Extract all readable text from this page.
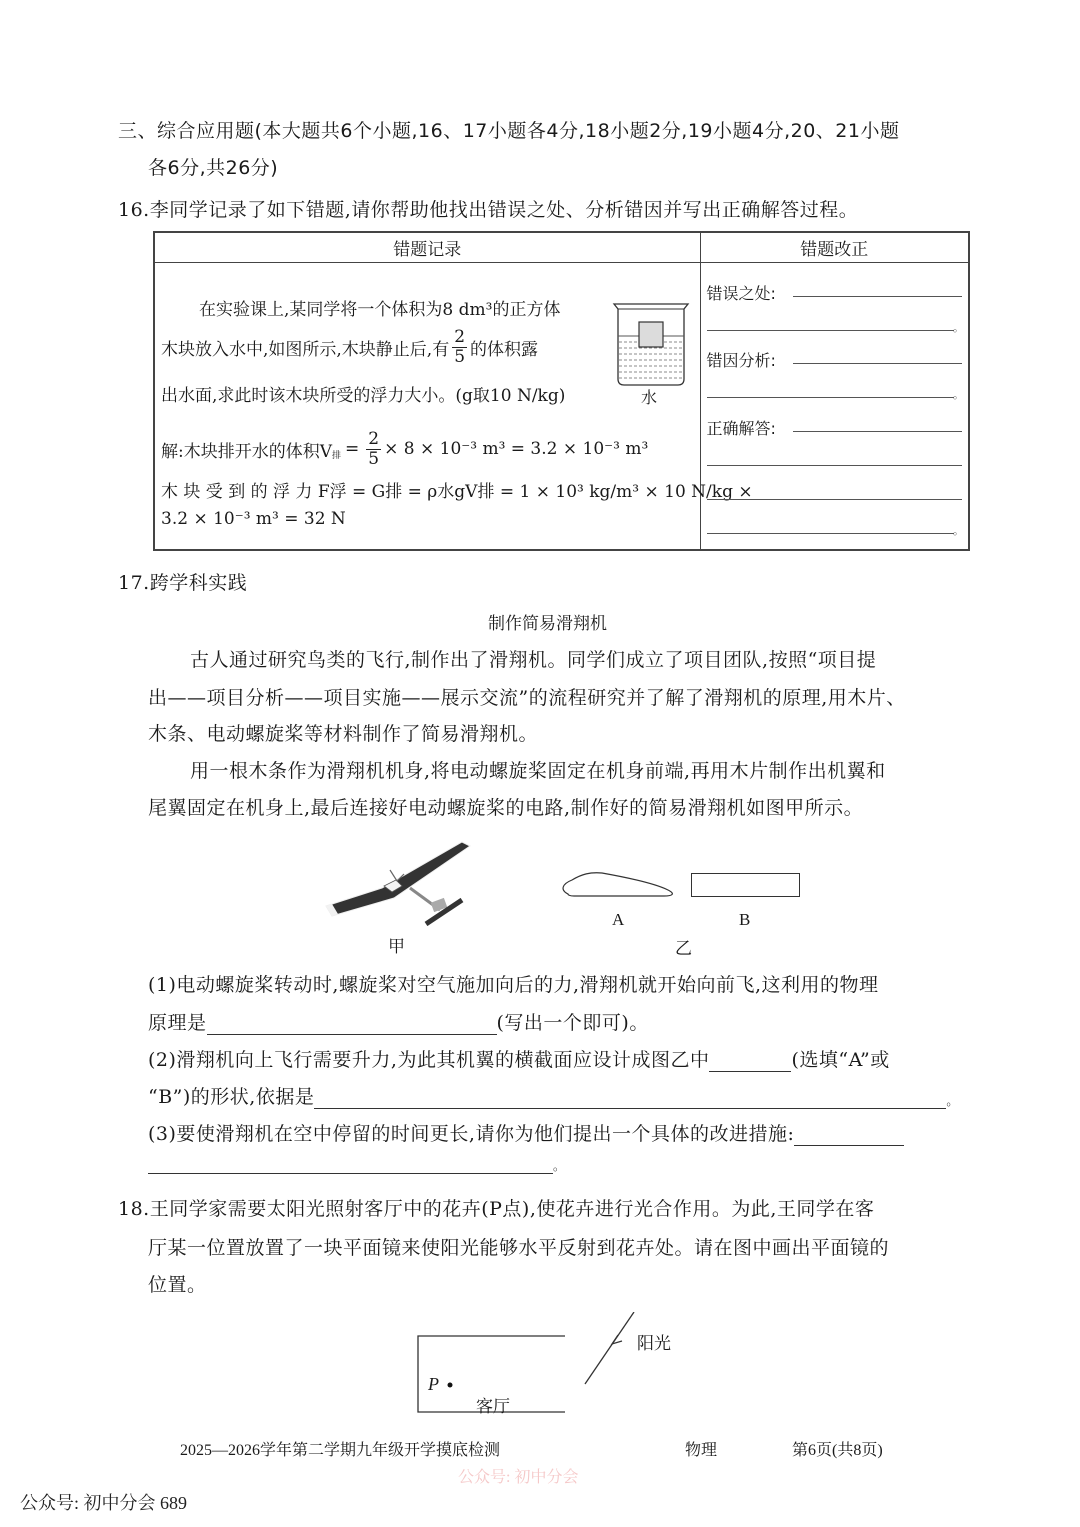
三、综合应用题(本大题共6个小题,16、17小题各4分,18小题2分,19小题4分,20、21小题
各6分,共26分)
16.李同学记录了如下错题,请你帮助他找出错误之处、分析错因并写出正确解答过程。
错题记录	错题改正

在实验课上,某同学将一个体积为8 dm³的正方体
木块放入水中,如图所示,木块静止后,有 $\frac{2}{5}$ 的体积露
出水面,求此时该木块所受的浮力大小。(g取10 N/kg)	水
解:木块排开水的体积$V_排 = \frac{2}{5} \times 8 \times 10^{-3}$ m³ = 3.2 × 10⁻³ m³
木 块 受 到 的 浮 力 F浮 = G排 = ρ水gV排 = 1 × 10³ kg/m³ × 10 N/kg ×
3.2 × 10⁻³ m³ = 32 N

错误之处:
。
错因分析:
。
正确解答:
。
17.跨学科实践
制作简易滑翔机
古人通过研究鸟类的飞行,制作出了滑翔机。同学们成立了项目团队,按照“项目提
出——项目分析——项目实施——展示交流”的流程研究并了解了滑翔机的原理,用木片、
木条、电动螺旋桨等材料制作了简易滑翔机。
用一根木条作为滑翔机机身,将电动螺旋桨固定在机身前端,再用木片制作出机翼和
尾翼固定在机身上,最后连接好电动螺旋桨的电路,制作好的简易滑翔机如图甲所示。
甲
A	B
乙
(1)电动螺旋桨转动时,螺旋桨对空气施加向后的力,滑翔机就开始向前飞,这利用的物理
原理是	(写出一个即可)。
(2)滑翔机向上飞行需要升力,为此其机翼的横截面应设计成图乙中	(选填“A”或
“B”)的形状,依据是	。
(3)要使滑翔机在空中停留的时间更长,请你为他们提出一个具体的改进措施:
。
18.王同学家需要太阳光照射客厅中的花卉(P点),使花卉进行光合作用。为此,王同学在客
厅某一位置放置了一块平面镜来使阳光能够水平反射到花卉处。请在图中画出平面镜的
位置。
P
客厅
阳光
2025—2026学年第二学期九年级开学摸底检测	物理	第6页(共8页)
公众号: 初中分会
公众号: 初中分会 689
